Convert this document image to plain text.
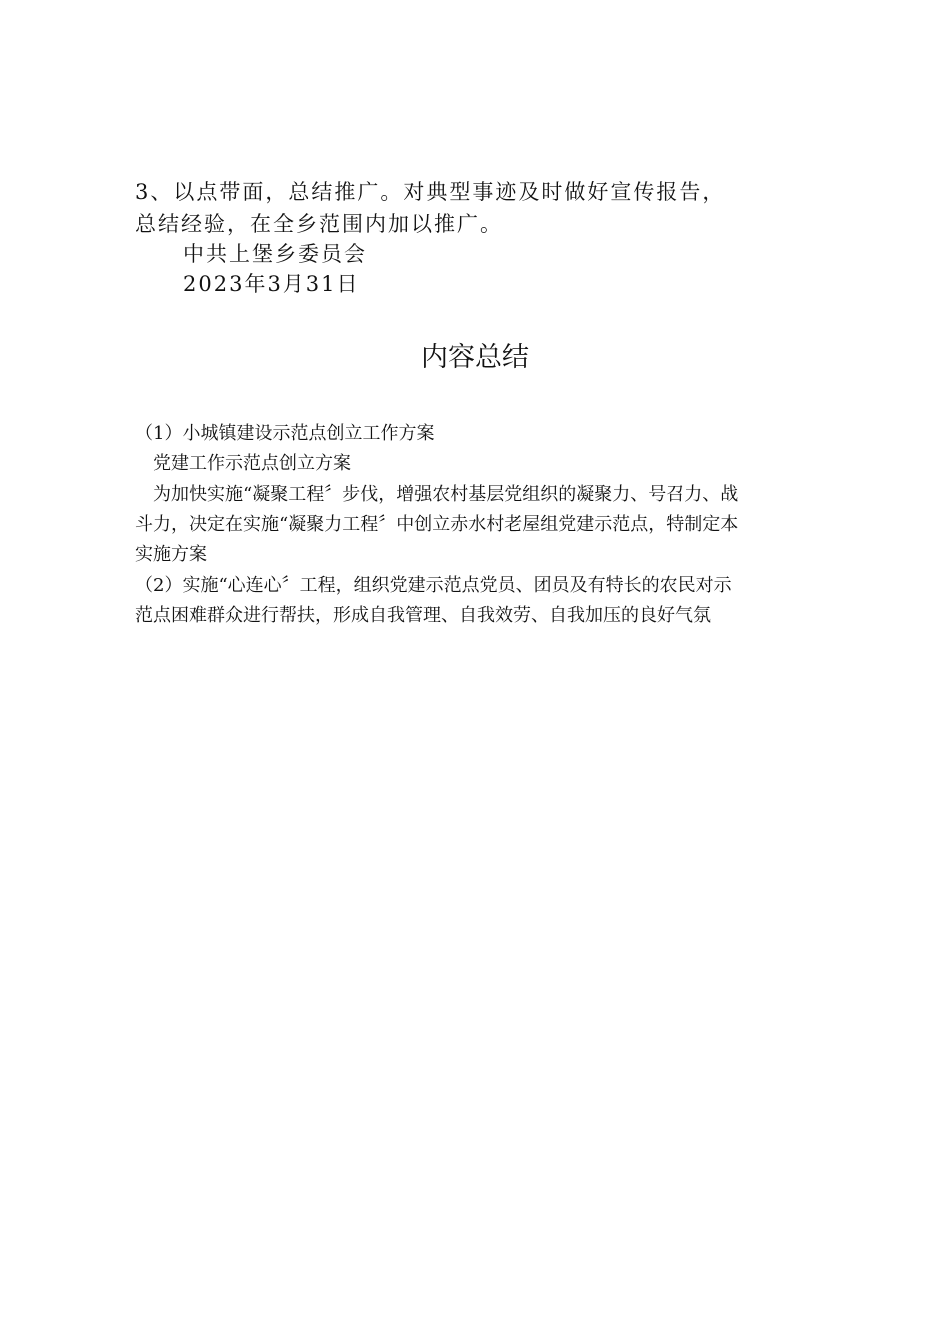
3、以点带面，总结推广。对典型事迹及时做好宣传报告，
总结经验，在全乡范围内加以推广。
中共上堡乡委员会
2023年3月31日
内容总结
（1）小城镇建设示范点创立工作方案
党建工作示范点创立方案
为加快实施“凝聚工程〞步伐，增强农村基层党组织的凝聚力、号召力、战
斗力，决定在实施“凝聚力工程〞中创立赤水村老屋组党建示范点，特制定本
实施方案
（2）实施“心连心〞工程，组织党建示范点党员、团员及有特长的农民对示
范点困难群众进行帮扶，形成自我管理、自我效劳、自我加压的良好气氛
